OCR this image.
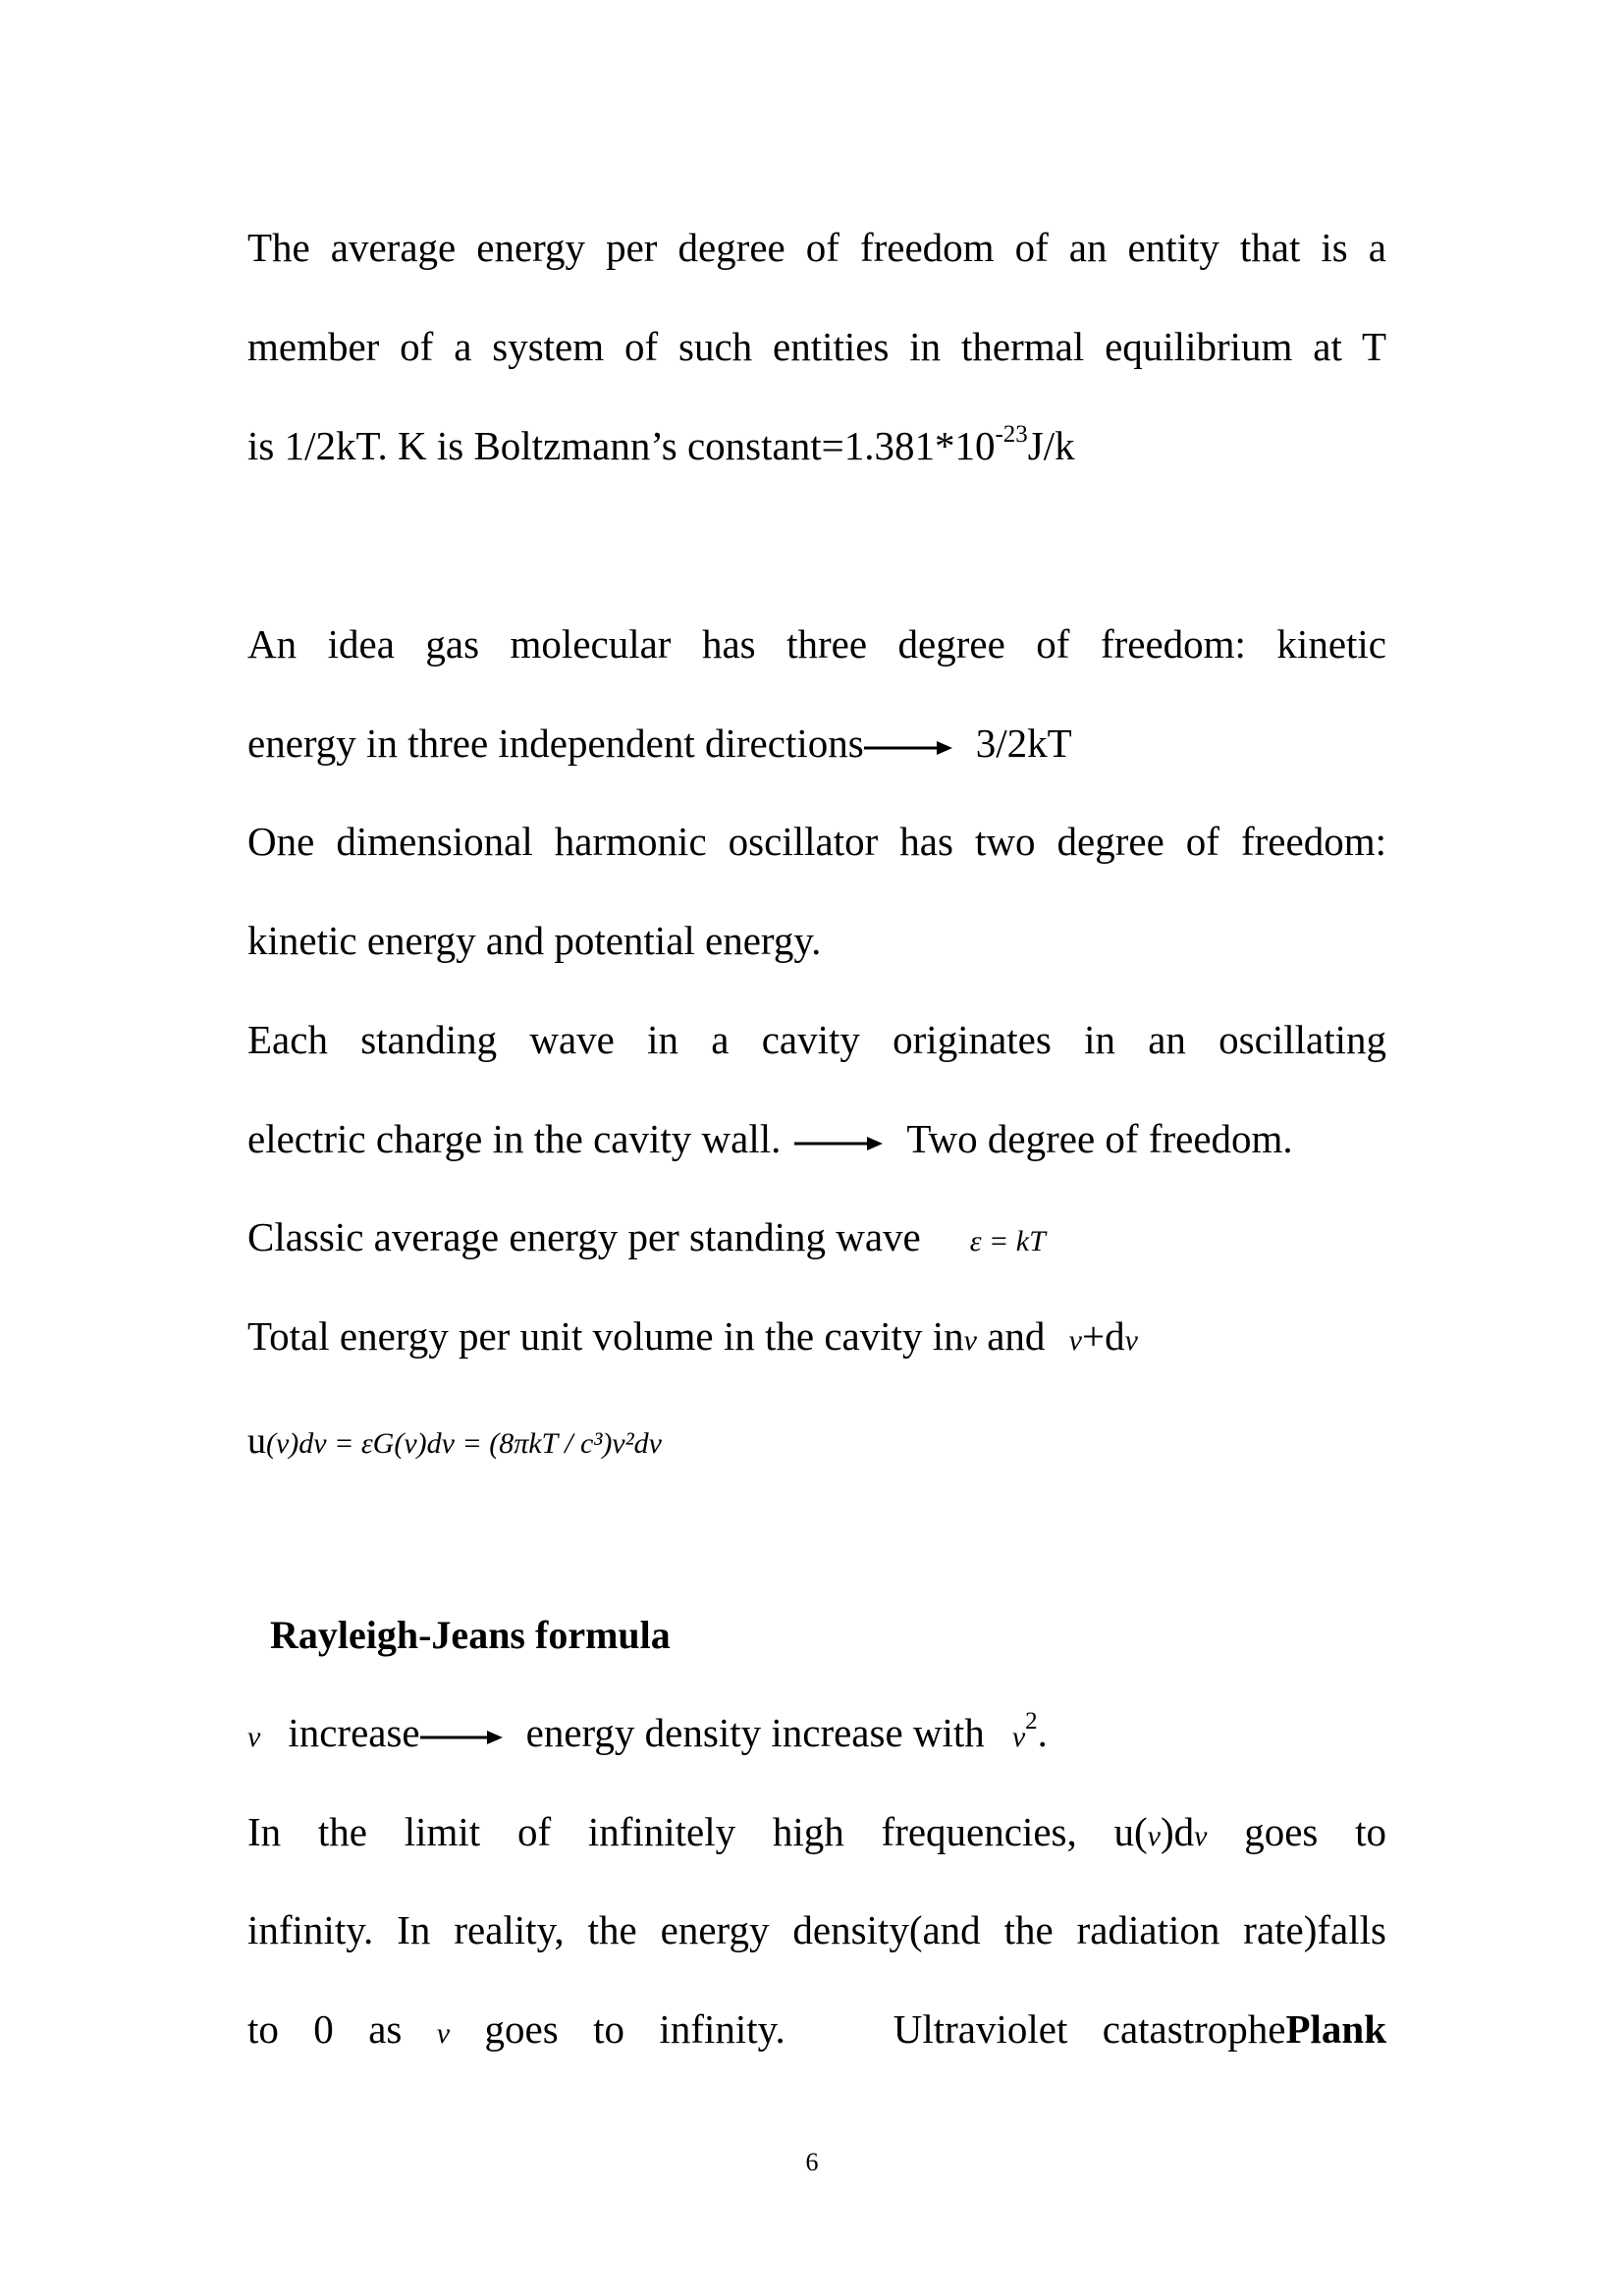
The average energy per degree of freedom of an entity that is a
member of a system of such entities in thermal equilibrium at T
is 1/2kT. K is Boltzmann’s $constant=1.381*10^{-23}J/k$
An idea gas molecular has three degree of freedom: kinetic
energy in three independent directions	3/2kT
One dimensional harmonic oscillator has two degree of freedom:
kinetic energy and potential energy.
Each standing wave in a cavity originates in an oscillating
electric charge in the cavity wall.	Two degree of freedom.
Classic average energy per standing wave ε = kT
Total energy per unit volume in the cavity inν and ν+dν
u(ν)dν = εG(ν)dν = (8πkT / c³)ν²dν
Rayleigh-Jeans formula
ν increase	energy density increase with $\nu^2$.
In the limit of infinitely high frequencies, u(ν)dν goes to
infinity. In reality, the energy density(and the radiation rate)falls
to 0 as ν goes to infinity.	Ultraviolet catastrophePlank
6
